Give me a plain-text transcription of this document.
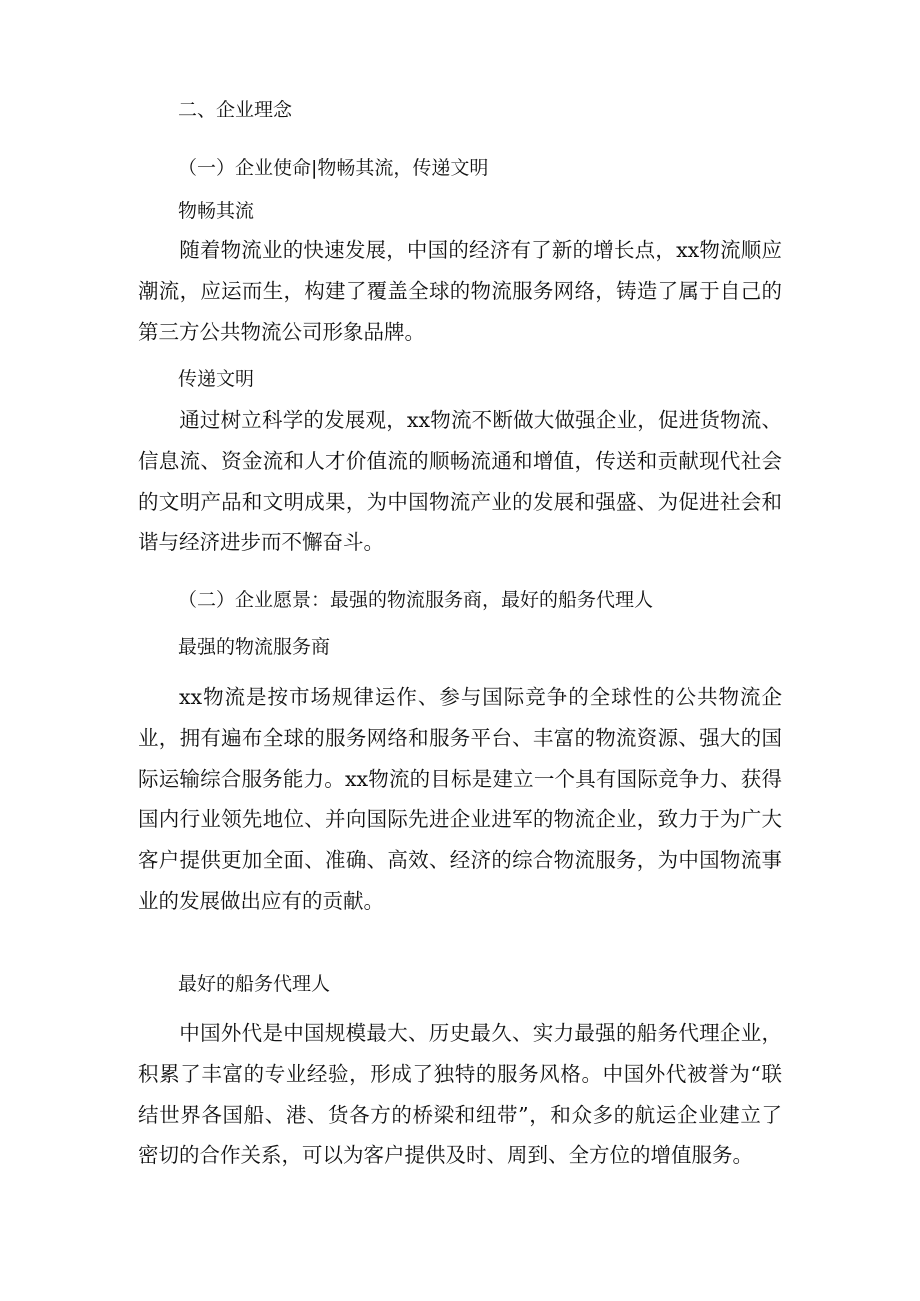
二、企业理念
（一）企业使命|物畅其流，传递文明
物畅其流

随着物流业的快速发展，中国的经济有了新的增长点，xx物流顺应潮流，应运而生，构建了覆盖全球的物流服务网络，铸造了属于自己的第三方公共物流公司形象品牌。

传递文明

通过树立科学的发展观，xx物流不断做大做强企业，促进货物流、信息流、资金流和人才价值流的顺畅流通和增值，传送和贡献现代社会的文明产品和文明成果，为中国物流产业的发展和强盛、为促进社会和谐与经济进步而不懈奋斗。

（二）企业愿景：最强的物流服务商，最好的船务代理人
最强的物流服务商

xx物流是按市场规律运作、参与国际竞争的全球性的公共物流企业，拥有遍布全球的服务网络和服务平台、丰富的物流资源、强大的国际运输综合服务能力。xx物流的目标是建立一个具有国际竞争力、获得国内行业领先地位、并向国际先进企业进军的物流企业，致力于为广大客户提供更加全面、准确、高效、经济的综合物流服务，为中国物流事业的发展做出应有的贡献。

最好的船务代理人

中国外代是中国规模最大、历史最久、实力最强的船务代理企业，积累了丰富的专业经验，形成了独特的服务风格。中国外代被誉为“联结世界各国船、港、货各方的桥梁和纽带”，和众多的航运企业建立了密切的合作关系，可以为客户提供及时、周到、全方位的增值服务。
